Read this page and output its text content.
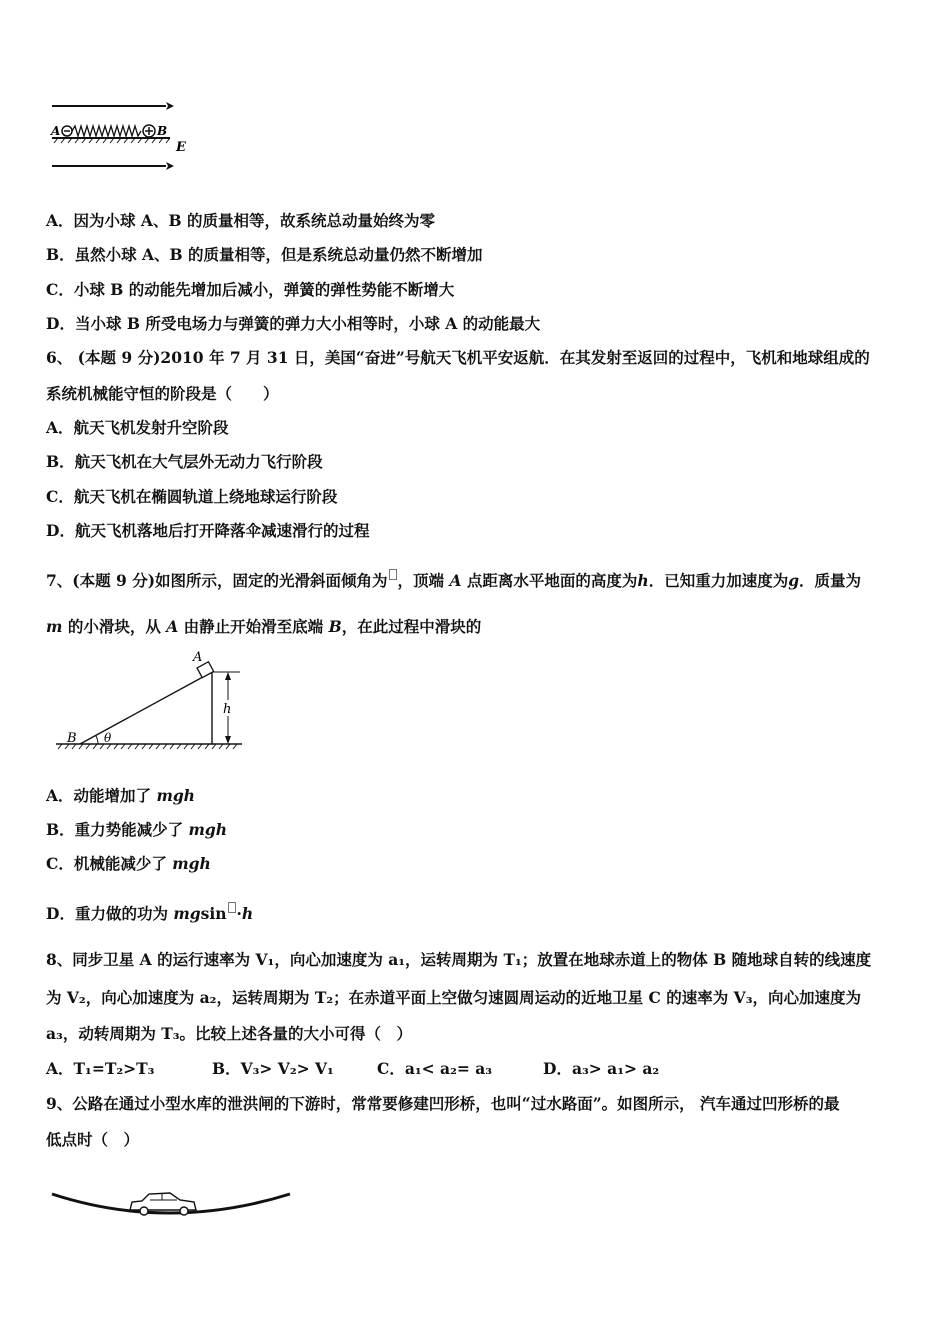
A	B
E
A．因为小球 A、B 的质量相等，故系统总动量始终为零
B．虽然小球 A、B 的质量相等，但是系统总动量仍然不断增加
C．小球 B 的动能先增加后减小，弹簧的弹性势能不断增大
D．当小球 B 所受电场力与弹簧的弹力大小相等时，小球 A 的动能最大
6、 (本题 9 分)2010 年 7 月 31 日，美国“奋进”号航天飞机平安返航．在其发射至返回的过程中，飞机和地球组成的
系统机械能守恒的阶段是（　　）
A．航天飞机发射升空阶段
B．航天飞机在大气层外无动力飞行阶段
C．航天飞机在椭圆轨道上绕地球运行阶段
D．航天飞机落地后打开降落伞减速滑行的过程
7、(本题 9 分)如图所示，固定的光滑斜面倾角为 ，顶端 A 点距离水平地面的高度为h．已知重力加速度为g．质量为
m 的小滑块，从 A 由静止开始滑至底端 B，在此过程中滑块的
A
B θ
h
A．动能增加了 mgh
B．重力势能减少了 mgh
C．机械能减少了 mgh
D．重力做的功为 mgsin ·h
8、同步卫星 A 的运行速率为 V₁，向心加速度为 a₁，运转周期为 T₁；放置在地球赤道上的物体 B 随地球自转的线速度
为 V₂，向心加速度为 a₂，运转周期为 T₂；在赤道平面上空做匀速圆周运动的近地卫星 C 的速率为 V₃，向心加速度为
a₃，动转周期为 T₃。比较上述各量的大小可得（　）
A．T₁=T₂>T₃	B．V₃> V₂> V₁	C．a₁< a₂= a₃	D．a₃> a₁> a₂
9、公路在通过小型水库的泄洪闸的下游时，常常要修建凹形桥，也叫“过水路面”。如图所示， 汽车通过凹形桥的最
低点时（　）
